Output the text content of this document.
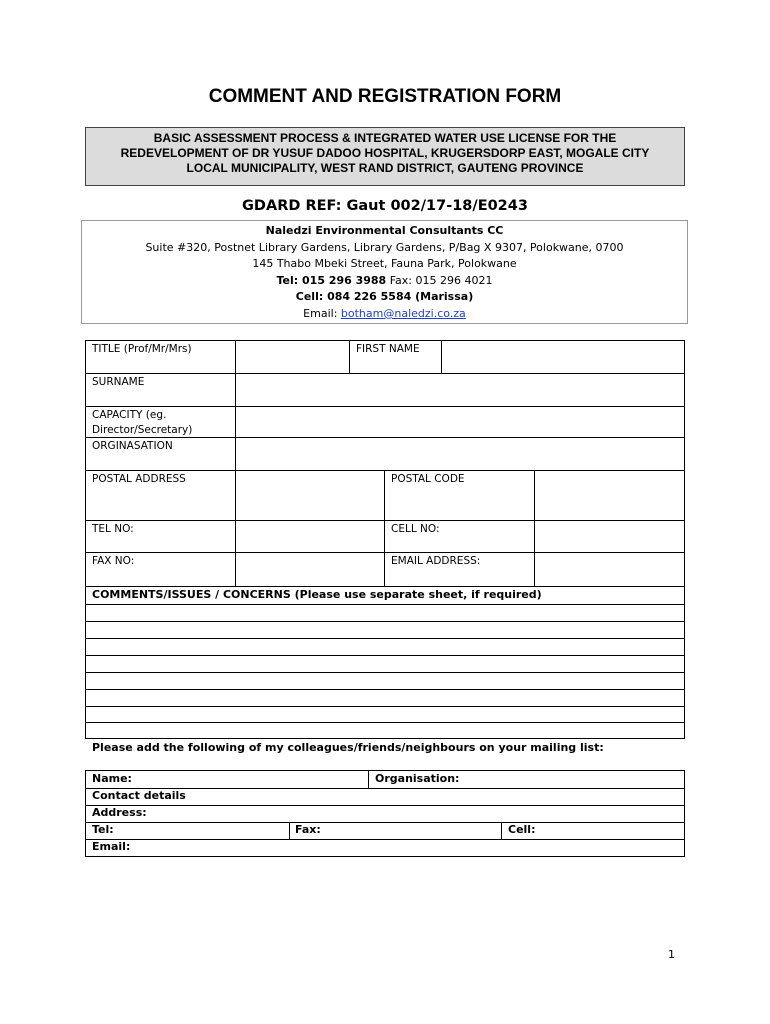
COMMENT AND REGISTRATION FORM
BASIC ASSESSMENT PROCESS & INTEGRATED WATER USE LICENSE FOR THE
REDEVELOPMENT OF DR YUSUF DADOO HOSPITAL, KRUGERSDORP EAST, MOGALE CITY
LOCAL MUNICIPALITY, WEST RAND DISTRICT, GAUTENG PROVINCE
GDARD REF: Gaut 002/17-18/E0243
Naledzi Environmental Consultants CC
Suite #320, Postnet Library Gardens, Library Gardens, P/Bag X 9307, Polokwane, 0700
145 Thabo Mbeki Street, Fauna Park, Polokwane
Tel: 015 296 3988 Fax: 015 296 4021
Cell: 084 226 5584 (Marissa)
Email: botham@naledzi.co.za
TITLE (Prof/Mr/Mrs)	FIRST NAME
SURNAME
CAPACITY (eg.
Director/Secretary)
ORGINASATION
POSTAL ADDRESS	POSTAL CODE
TEL NO:	CELL NO:
FAX NO:	EMAIL ADDRESS:
COMMENTS/ISSUES / CONCERNS (Please use separate sheet, if required)
Please add the following of my colleagues/friends/neighbours on your mailing list:
Name:	Organisation:
Contact details
Address:
Tel:	Fax:	Cell:
Email:
1
